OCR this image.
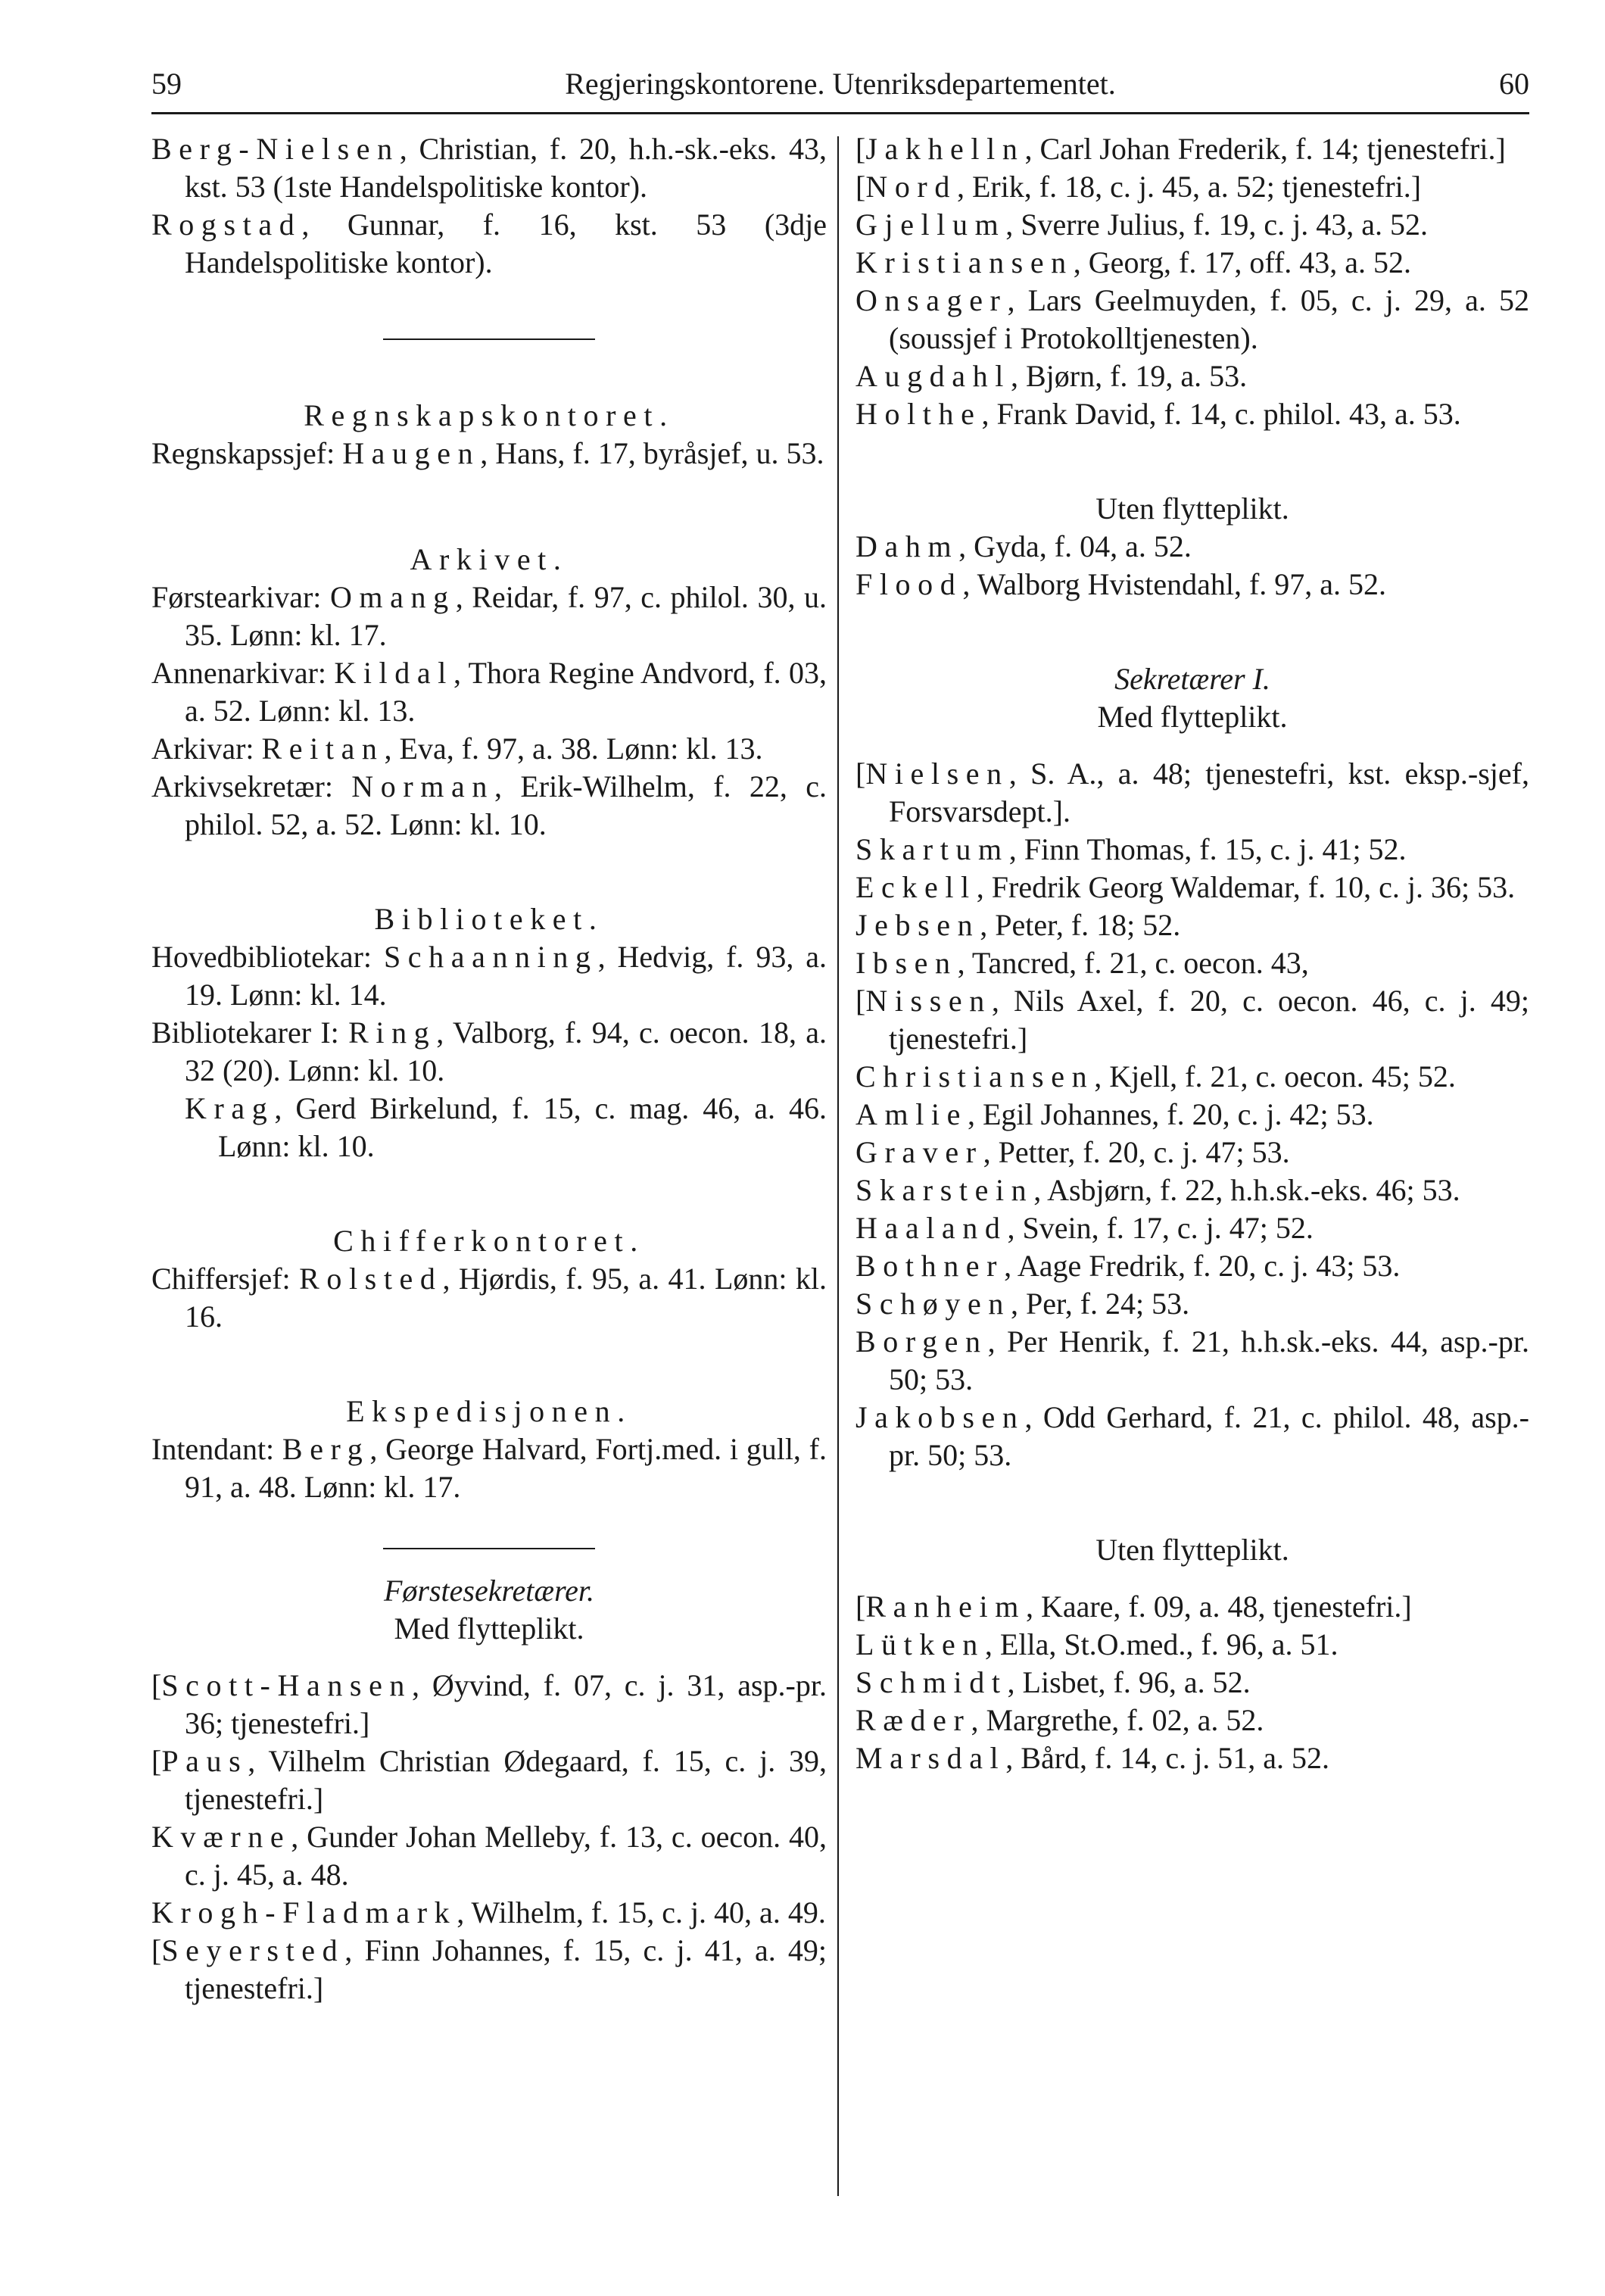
59	Regjeringskontorene. Utenriksdepartementet.	60

Berg-Nielsen, Christian, f. 20, h.h.-sk.-eks. 43, kst. 53 (1ste Handelspolitiske kontor).

Rogstad, Gunnar, f. 16, kst. 53 (3dje Handelspolitiske kontor).

Regnskapskontoret.

Regnskapssjef: Haugen, Hans, f. 17, byråsjef, u. 53.

Arkivet.

Førstearkivar: Omang, Reidar, f. 97, c. philol. 30, u. 35. Lønn: kl. 17.

Annenarkivar: Kildal, Thora Regine Andvord, f. 03, a. 52. Lønn: kl. 13.

Arkivar: Reitan, Eva, f. 97, a. 38. Lønn: kl. 13.

Arkivsekretær: Norman, Erik-Wilhelm, f. 22, c. philol. 52, a. 52. Lønn: kl. 10.

Biblioteket.

Hovedbibliotekar: Schaanning, Hedvig, f. 93, a. 19. Lønn: kl. 14.

Bibliotekarer I: Ring, Valborg, f. 94, c. oecon. 18, a. 32 (20). Lønn: kl. 10.

Krag, Gerd Birkelund, f. 15, c. mag. 46, a. 46. Lønn: kl. 10.

Chifferkontoret.

Chiffersjef: Rolsted, Hjørdis, f. 95, a. 41. Lønn: kl. 16.

Ekspedisjonen.

Intendant: Berg, George Halvard, Fortj.med. i gull, f. 91, a. 48. Lønn: kl. 17.

Førstesekretærer.

Med flytteplikt.

[Scott-Hansen, Øyvind, f. 07, c. j. 31, asp.-pr. 36; tjenestefri.]

[Paus, Vilhelm Christian Ødegaard, f. 15, c. j. 39, tjenestefri.]

Kværne, Gunder Johan Melleby, f. 13, c. oecon. 40, c. j. 45, a. 48.

Krogh-Fladmark, Wilhelm, f. 15, c. j. 40, a. 49.

[Seyersted, Finn Johannes, f. 15, c. j. 41, a. 49; tjenestefri.]

[Jakhelln, Carl Johan Frederik, f. 14; tjenestefri.]

[Nord, Erik, f. 18, c. j. 45, a. 52; tjenestefri.]

Gjellum, Sverre Julius, f. 19, c. j. 43, a. 52.

Kristiansen, Georg, f. 17, off. 43, a. 52.

Onsager, Lars Geelmuyden, f. 05, c. j. 29, a. 52 (soussjef i Protokolltjenesten).

Augdahl, Bjørn, f. 19, a. 53.

Holthe, Frank David, f. 14, c. philol. 43, a. 53.

Uten flytteplikt.

Dahm, Gyda, f. 04, a. 52.

Flood, Walborg Hvistendahl, f. 97, a. 52.

Sekretærer I.

Med flytteplikt.

[Nielsen, S. A., a. 48; tjenestefri, kst. eksp.-sjef, Forsvarsdept.].

Skartum, Finn Thomas, f. 15, c. j. 41; 52.

Eckell, Fredrik Georg Waldemar, f. 10, c. j. 36; 53.

Jebsen, Peter, f. 18; 52.

Ibsen, Tancred, f. 21, c. oecon. 43,

[Nissen, Nils Axel, f. 20, c. oecon. 46, c. j. 49; tjenestefri.]

Christiansen, Kjell, f. 21, c. oecon. 45; 52.

Amlie, Egil Johannes, f. 20, c. j. 42; 53.

Graver, Petter, f. 20, c. j. 47; 53.

Skarstein, Asbjørn, f. 22, h.h.sk.-eks. 46; 53.

Haaland, Svein, f. 17, c. j. 47; 52.

Bothner, Aage Fredrik, f. 20, c. j. 43; 53.

Schøyen, Per, f. 24; 53.

Borgen, Per Henrik, f. 21, h.h.sk.-eks. 44, asp.-pr. 50; 53.

Jakobsen, Odd Gerhard, f. 21, c. philol. 48, asp.-pr. 50; 53.

Uten flytteplikt.

[Ranheim, Kaare, f. 09, a. 48, tjenestefri.]

Lütken, Ella, St.O.med., f. 96, a. 51.

Schmidt, Lisbet, f. 96, a. 52.

Ræder, Margrethe, f. 02, a. 52.

Marsdal, Bård, f. 14, c. j. 51, a. 52.
